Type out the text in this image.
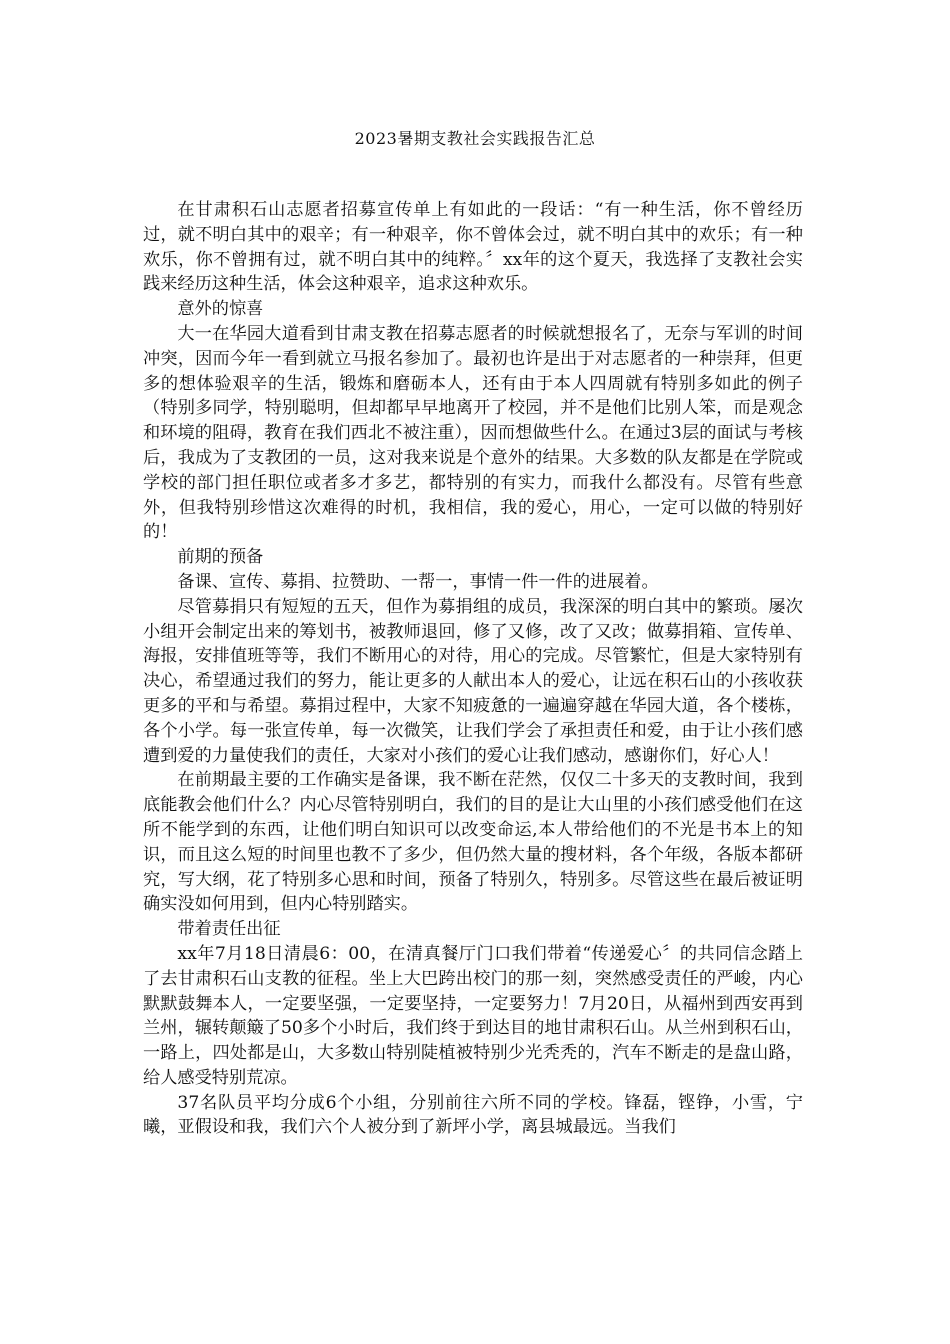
2023暑期支教社会实践报告汇总

在甘肃积石山志愿者招募宣传单上有如此的一段话：“有一种生活，你不曾经历过，就不明白其中的艰辛；有一种艰辛，你不曾体会过，就不明白其中的欢乐；有一种欢乐，你不曾拥有过，就不明白其中的纯粹。〞xx年的这个夏天，我选择了支教社会实践来经历这种生活，体会这种艰辛，追求这种欢乐。

意外的惊喜

大一在华园大道看到甘肃支教在招募志愿者的时候就想报名了，无奈与军训的时间冲突，因而今年一看到就立马报名参加了。最初也许是出于对志愿者的一种崇拜，但更多的想体验艰辛的生活，锻炼和磨砺本人，还有由于本人四周就有特别多如此的例子（特别多同学，特别聪明，但却都早早地离开了校园，并不是他们比别人笨，而是观念和环境的阻碍，教育在我们西北不被注重），因而想做些什么。在通过3层的面试与考核后，我成为了支教团的一员，这对我来说是个意外的结果。大多数的队友都是在学院或学校的部门担任职位或者多才多艺，都特别的有实力，而我什么都没有。尽管有些意外，但我特别珍惜这次难得的时机，我相信，我的爱心，用心，一定可以做的特别好的！

前期的预备

备课、宣传、募捐、拉赞助、一帮一，事情一件一件的进展着。

尽管募捐只有短短的五天，但作为募捐组的成员，我深深的明白其中的繁琐。屡次小组开会制定出来的筹划书，被教师退回，修了又修，改了又改；做募捐箱、宣传单、海报，安排值班等等，我们不断用心的对待，用心的完成。尽管繁忙，但是大家特别有决心，希望通过我们的努力，能让更多的人献出本人的爱心，让远在积石山的小孩收获更多的平和与希望。募捐过程中，大家不知疲惫的一遍遍穿越在华园大道，各个楼栋，各个小学。每一张宣传单，每一次微笑，让我们学会了承担责任和爱，由于让小孩们感遭到爱的力量使我们的责任，大家对小孩们的爱心让我们感动，感谢你们，好心人！

在前期最主要的工作确实是备课，我不断在茫然，仅仅二十多天的支教时间，我到底能教会他们什么？内心尽管特别明白，我们的目的是让大山里的小孩们感受他们在这所不能学到的东西，让他们明白知识可以改变命运,本人带给他们的不光是书本上的知识，而且这么短的时间里也教不了多少，但仍然大量的搜材料，各个年级，各版本都研究，写大纲，花了特别多心思和时间，预备了特别久，特别多。尽管这些在最后被证明确实没如何用到，但内心特别踏实。

带着责任出征

xx年7月18日清晨6：00，在清真餐厅门口我们带着“传递爱心〞的共同信念踏上了去甘肃积石山支教的征程。坐上大巴跨出校门的那一刻，突然感受责任的严峻，内心默默鼓舞本人，一定要坚强，一定要坚持，一定要努力！7月20日，从福州到西安再到兰州，辗转颠簸了50多个小时后，我们终于到达目的地甘肃积石山。从兰州到积石山，一路上，四处都是山，大多数山特别陡植被特别少光秃秃的，汽车不断走的是盘山路，给人感受特别荒凉。

37名队员平均分成6个小组，分别前往六所不同的学校。锋磊，铿铮，小雪，宁曦，亚假设和我，我们六个人被分到了新坪小学，离县城最远。当我们
